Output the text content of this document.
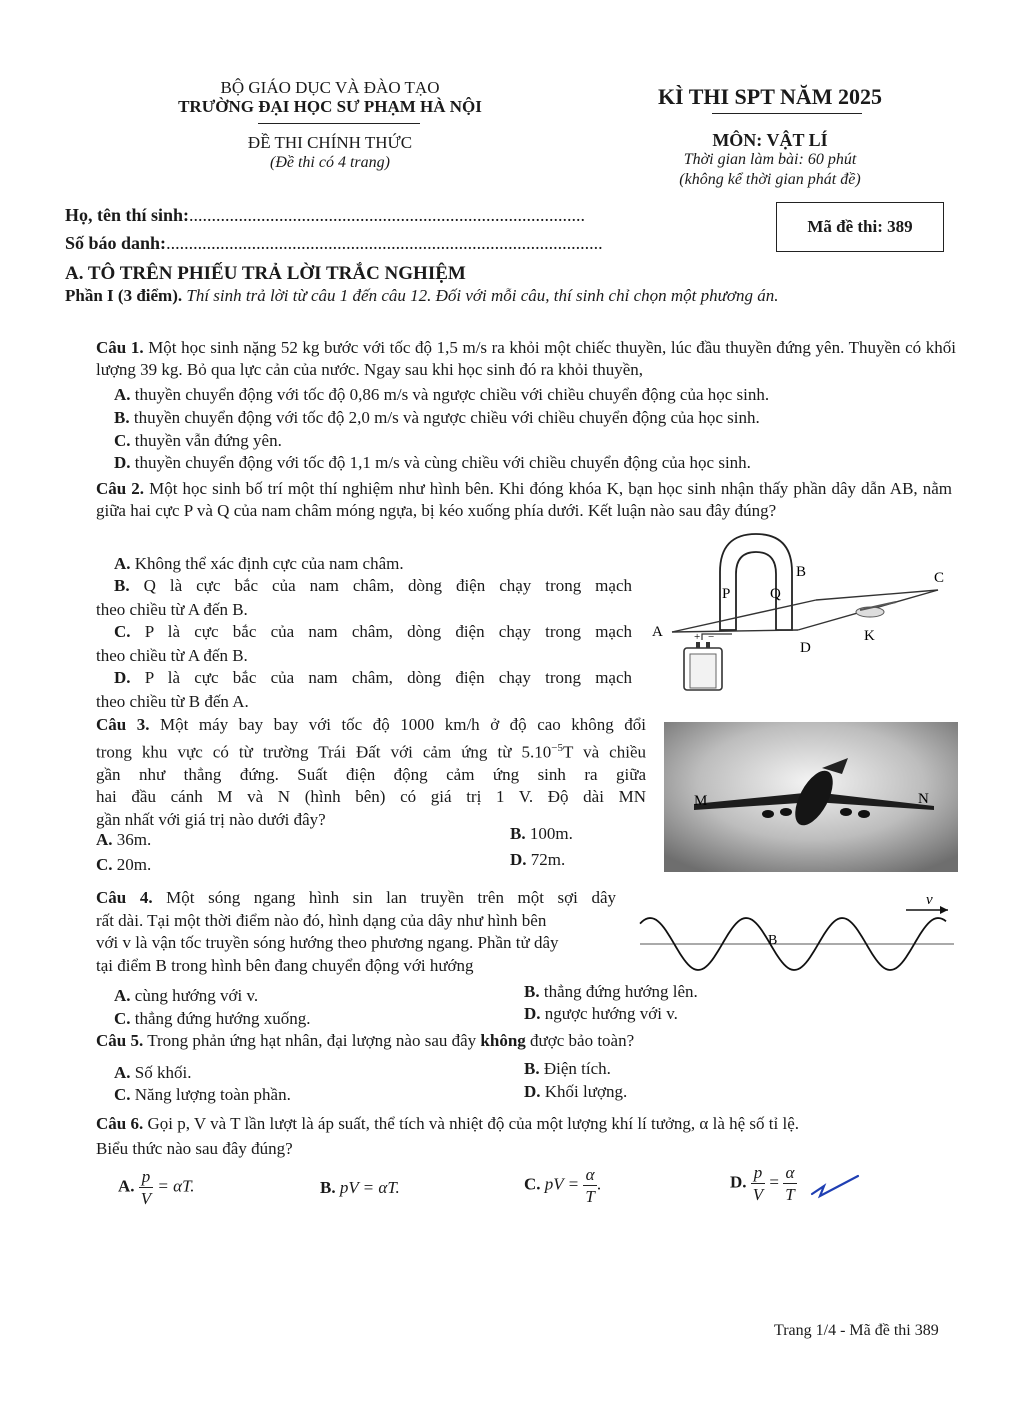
BỘ GIÁO DỤC VÀ ĐÀO TẠO
TRƯỜNG ĐẠI HỌC SƯ PHẠM HÀ NỘI
ĐỀ THI CHÍNH THỨC
(Đề thi có 4 trang)
KÌ THI SPT NĂM 2025
MÔN: VẬT LÍ
Thời gian làm bài: 60 phút
(không kể thời gian phát đề)
Họ, tên thí sinh:........................................................................................
Số báo danh:.................................................................................................
Mã đề thi: 389
A. TÔ TRÊN PHIẾU TRẢ LỜI TRẮC NGHIỆM
Phần I (3 điểm). Thí sinh trả lời từ câu 1 đến câu 12. Đối với mỗi câu, thí sinh chỉ chọn một phương án.
Câu 1. Một học sinh nặng 52 kg bước với tốc độ 1,5 m/s ra khỏi một chiếc thuyền, lúc đầu thuyền đứng yên. Thuyền có khối lượng 39 kg. Bỏ qua lực cản của nước. Ngay sau khi học sinh đó ra khỏi thuyền,
A. thuyền chuyển động với tốc độ 0,86 m/s và ngược chiều với chiều chuyển động của học sinh.
B. thuyền chuyển động với tốc độ 2,0 m/s và ngược chiều với chiều chuyển động của học sinh.
C. thuyền vẫn đứng yên.
D. thuyền chuyển động với tốc độ 1,1 m/s và cùng chiều với chiều chuyển động của học sinh.
Câu 2. Một học sinh bố trí một thí nghiệm như hình bên. Khi đóng khóa K, bạn học sinh nhận thấy phần dây dẫn AB, nằm giữa hai cực P và Q của nam châm móng ngựa, bị kéo xuống phía dưới. Kết luận nào sau đây đúng?
A. Không thể xác định cực của nam châm.
B. Q là cực bắc của nam châm, dòng điện chạy trong mạch
theo chiều từ A đến B.
C. P là cực bắc của nam châm, dòng điện chạy trong mạch
theo chiều từ A đến B.
D. P là cực bắc của nam châm, dòng điện chạy trong mạch
theo chiều từ B đến A.
+ −
P	Q
A
B	C
D
K
Câu 3. Một máy bay bay với tốc độ 1000 km/h ở độ cao không đổi
trong khu vực có từ trường Trái Đất với cảm ứng từ $5.10^{-5}T$ và chiều
gần như thẳng đứng. Suất điện động cảm ứng sinh ra giữa
hai đầu cánh M và N (hình bên) có giá trị 1 V. Độ dài MN
gần nhất với giá trị nào dưới đây?
A. 36m.	B. 100m.
C. 20m.	D. 72m.
M	N
Câu 4. Một sóng ngang hình sin lan truyền trên một sợi dây
rất dài. Tại một thời điểm nào đó, hình dạng của dây như hình bên
với v là vận tốc truyền sóng hướng theo phương ngang. Phần tử dây
tại điểm B trong hình bên đang chuyển động với hướng
A. cùng hướng với v.	B. thẳng đứng hướng lên.
C. thẳng đứng hướng xuống.	D. ngược hướng với v.
v
B
Câu 5. Trong phản ứng hạt nhân, đại lượng nào sau đây không được bảo toàn?
A. Số khối.	B. Điện tích.
C. Năng lượng toàn phần.	D. Khối lượng.
Câu 6. Gọi p, V và T lần lượt là áp suất, thể tích và nhiệt độ của một lượng khí lí tưởng, α là hệ số tỉ lệ.
Biểu thức nào sau đây đúng?
A. $\frac{p}{V} = \alpha T$.	B. pV = αT.	C. pV = $\frac{\alpha}{T}$ .	D. $\frac{p}{V} = \frac{\alpha}{T}$
Trang 1/4 - Mã đề thi 389
